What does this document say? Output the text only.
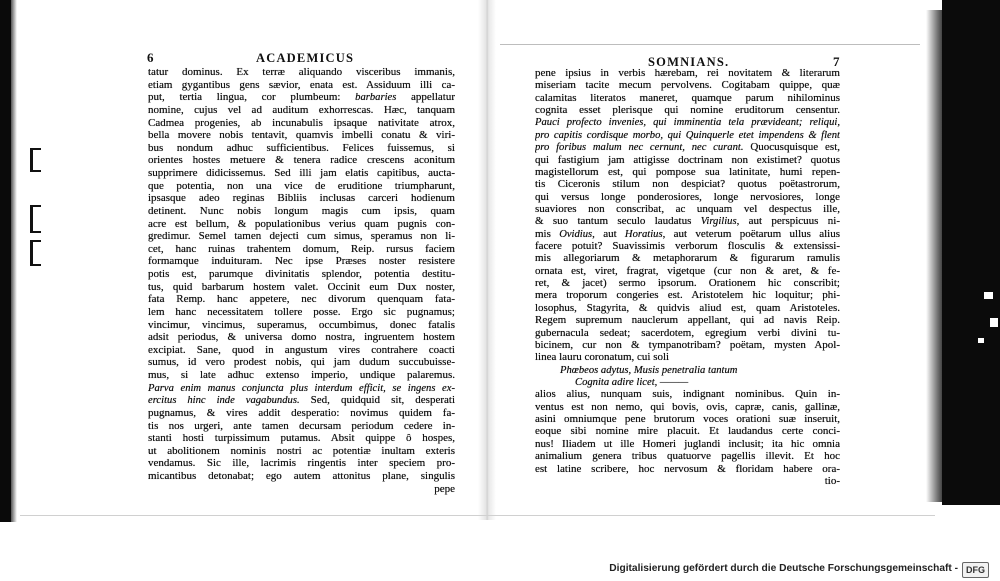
6	ACADEMICUS	SOMNIANS.	7
tatur dominus. Ex terræ aliquando visceribus immanis,
etiam gygantibus gens sævior, enata est. Assiduum illi ca-
put, tertia lingua, cor plumbeum: barbaries appellatur
nomine, cujus vel ad auditum exhorrescas. Hæc, tanquam
Cadmea progenies, ab incunabulis ipsaque nativitate atrox,
bella movere nobis tentavit, quamvis imbelli conatu & viri-
bus nondum adhuc sufficientibus. Felices fuissemus, si
orientes hostes metuere & tenera radice crescens aconitum
supprimere didicissemus. Sed illi jam elatis capitibus, aucta-
que potentia, non una vice de eruditione triumpharunt,
ipsasque adeo reginas Bibliis inclusas carceri hodienum
detinent. Nunc nobis longum magis cum ipsis, quam
acre est bellum, & populationibus verius quam pugnis con-
gredimur. Semel tamen dejecti cum simus, speramus non li-
cet, hanc ruinas trahentem domum, Reip. rursus faciem
formamque induituram. Nec ipse Præses noster resistere
potis est, parumque divinitatis splendor, potentia destitu-
tus, quid barbarum hostem valet. Occinit eum Dux noster,
fata Remp. hanc appetere, nec divorum quenquam fata-
lem hanc necessitatem tollere posse. Ergo sic pugnamus;
vincimur, vincimus, superamus, occumbimus, donec fatalis
adsit periodus, & universa domo nostra, ingruentem hostem
excipiat. Sane, quod in angustum vires contrahere coacti
sumus, id vero prodest nobis, qui jam dudum succubuisse-
mus, si late adhuc extenso imperio, undique palaremus.
Parva enim manus conjuncta plus interdum efficit, se ingens ex-
ercitus hinc inde vagabundus. Sed, quidquid sit, desperati
pugnamus, & vires addit desperatio: novimus quidem fa-
tis nos urgeri, ante tamen decursam periodum cedere in-
stanti hosti turpissimum putamus. Absit quippe ô hospes,
ut abolitionem nominis nostri ac potentiæ inultam exteris
vendamus. Sic ille, lacrimis ringentis inter speciem pro-
micantibus detonabat; ego autem attonitus plane, singulis
pepe
pene ipsius in verbis hærebam, rei novitatem & literarum
miseriam tacite mecum pervolvens. Cogitabam quippe, quæ
calamitas literatos maneret, quamque parum nihilominus
cognita esset plerisque qui nomine eruditorum censentur.
Pauci profecto invenies, qui imminentia tela prævideant; reliqui,
pro capitis cordisque morbo, qui Quinquerle etet impendens & flent
pro foribus malum nec cernunt, nec curant. Quocusquisque est,
qui fastigium jam attigisse doctrinam non existimet? quotus
magistellorum est, qui pompose sua latinitate, humi repen-
tis Ciceronis stilum non despiciat? quotus poëtastrorum,
qui versus longe ponderosiores, longe nervosiores, longe
suaviores non conscribat, ac unquam vel despectus ille,
& suo tantum seculo laudatus Virgilius, aut perspicuus ni-
mis Ovidius, aut Horatius, aut veterum poëtarum ullus alius
facere potuit? Suavissimis verborum flosculis & extensissi-
mis allegoriarum & metaphorarum & figurarum ramulis
ornata est, viret, fragrat, vigetque (cur non & aret, & fe-
ret, & jacet) sermo ipsorum. Orationem hic conscribit;
mera troporum congeries est. Aristotelem hic loquitur; phi-
losophus, Stagyrita, & quidvis aliud est, quam Aristoteles.
Regem supremum nauclerum appellant, qui ad navis Reip.
gubernacula sedeat; sacerdotem, egregium verbi divini tu-
bicinem, cur non & tympanotribam? poëtam, mysten Apol-
linea lauru coronatum, cui soli
Phœbeos adytus, Musis penetralia tantum
Cognita adire licet, ———
alios alius, nunquam suis, indignant nominibus. Quin in-
ventus est non nemo, qui bovis, ovis, capræ, canis, gallinæ,
asini omniumque pene brutorum voces orationi suæ inseruit,
eoque sibi nomine mire placuit. Et laudandus certe conci-
nus! Iliadem ut ille Homeri juglandi inclusit; ita hic omnia
animalium genera tribus quatuorve pagellis illevit. Et hoc
est latine scribere, hoc nervosum & floridam habere ora-
tio-
Digitalisierung gefördert durch die Deutsche Forschungsgemeinschaft - DFG
